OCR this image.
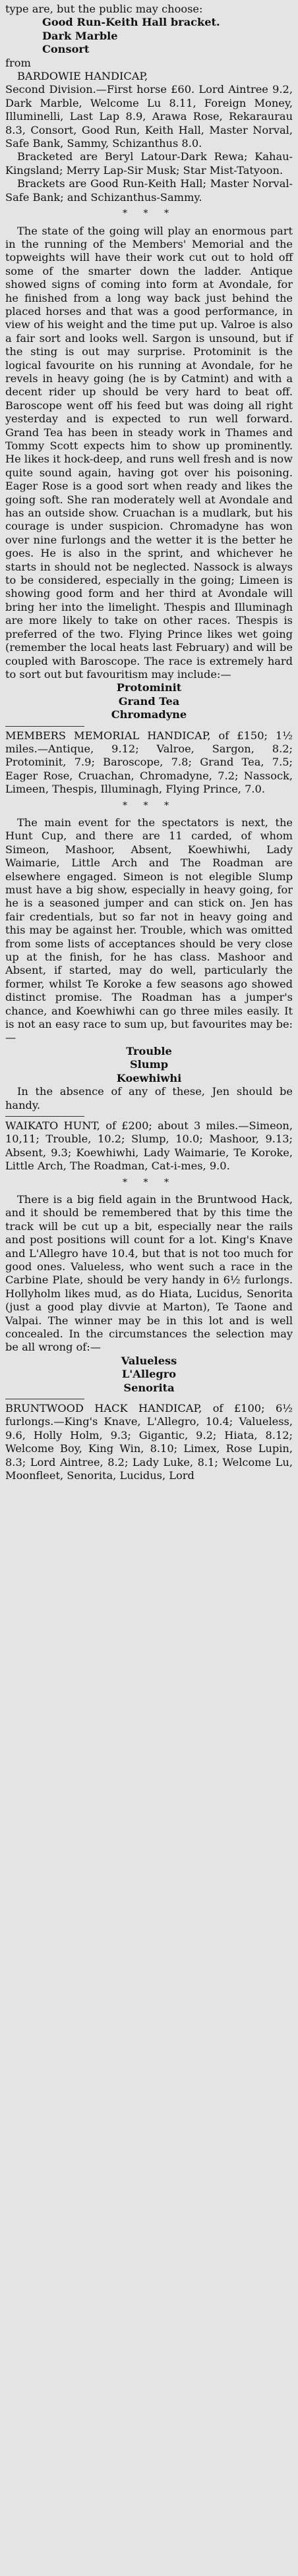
type are, but the public may choose:

Good Run-Keith Hall bracket.

Dark Marble

Consort

from

BARDOWIE HANDICAP,

Second Division.—First horse £60. Lord Aintree 9.2, Dark Marble, Welcome Lu 8.11, Foreign Money, Illuminelli, Last Lap 8.9, Arawa Rose, Rekaraurau 8.3, Consort, Good Run, Keith Hall, Master Norval, Safe Bank, Sammy, Schizanthus 8.0.

Bracketed are Beryl Latour-Dark Rewa; Kahau-Kingsland; Merry Lap-Sir Musk; Star Mist-Tatyoon.

Brackets are Good Run-Keith Hall; Master Norval-Safe Bank; and Schizanthus-Sammy.

* * *

The state of the going will play an enormous part in the running of the Members' Memorial and the topweights will have their work cut out to hold off some of the smarter down the ladder. Antique showed signs of coming into form at Avondale, for he finished from a long way back just behind the placed horses and that was a good performance, in view of his weight and the time put up. Valroe is also a fair sort and looks well. Sargon is unsound, but if the sting is out may surprise. Protominit is the logical favourite on his running at Avondale, for he revels in heavy going (he is by Catmint) and with a decent rider up should be very hard to beat off. Baroscope went off his feed but was doing all right yesterday and is expected to run well forward. Grand Tea has been in steady work in Thames and Tommy Scott expects him to show up prominently. He likes it hock-deep, and runs well fresh and is now quite sound again, having got over his poisoning. Eager Rose is a good sort when ready and likes the going soft. She ran moderately well at Avondale and has an outside show. Cruachan is a mudlark, but his courage is under suspicion. Chromadyne has won over nine furlongs and the wetter it is the better he goes. He is also in the sprint, and whichever he starts in should not be neglected. Nassock is always to be considered, especially in the going; Limeen is showing good form and her third at Avondale will bring her into the limelight. Thespis and Illuminagh are more likely to take on other races. Thespis is preferred of the two. Flying Prince likes wet going (remember the local heats last February) and will be coupled with Baroscope. The race is extremely hard to sort out but favouritism may include:—

Protominit

Grand Tea

Chromadyne

MEMBERS MEMORIAL HANDICAP, of £150; 1½ miles.—Antique, 9.12; Valroe, Sargon, 8.2; Protominit, 7.9; Baroscope, 7.8; Grand Tea, 7.5; Eager Rose, Cruachan, Chromadyne, 7.2; Nassock, Limeen, Thespis, Illuminagh, Flying Prince, 7.0.

* * *

The main event for the spectators is next, the Hunt Cup, and there are 11 carded, of whom Simeon, Mashoor, Absent, Koewhiwhi, Lady Waimarie, Little Arch and The Roadman are elsewhere engaged. Simeon is not elegible Slump must have a big show, especially in heavy going, for he is a seasoned jumper and can stick on. Jen has fair credentials, but so far not in heavy going and this may be against her. Trouble, which was omitted from some lists of acceptances should be very close up at the finish, for he has class. Mashoor and Absent, if started, may do well, particularly the former, whilst Te Koroke a few seasons ago showed distinct promise. The Roadman has a jumper's chance, and Koewhiwhi can go three miles easily. It is not an easy race to sum up, but favourites may be:—

Trouble

Slump

Koewhiwhi

In the absence of any of these, Jen should be handy.

WAIKATO HUNT, of £200; about 3 miles.—Simeon, 10,11; Trouble, 10.2; Slump, 10.0; Mashoor, 9.13; Absent, 9.3; Koewhiwhi, Lady Waimarie, Te Koroke, Little Arch, The Roadman, Cat-i-mes, 9.0.

* * *

There is a big field again in the Bruntwood Hack, and it should be remembered that by this time the track will be cut up a bit, especially near the rails and post positions will count for a lot. King's Knave and L'Allegro have 10.4, but that is not too much for good ones. Valueless, who went such a race in the Carbine Plate, should be very handy in 6½ furlongs. Hollyholm likes mud, as do Hiata, Lucidus, Senorita (just a good play divvie at Marton), Te Taone and Valpai. The winner may be in this lot and is well concealed. In the circumstances the selection may be all wrong of:—

Valueless

L'Allegro

Senorita

BRUNTWOOD HACK HANDICAP, of £100; 6½ furlongs.—King's Knave, L'Allegro, 10.4; Valueless, 9.6, Holly Holm, 9.3; Gigantic, 9.2; Hiata, 8.12; Welcome Boy, King Win, 8.10; Limex, Rose Lupin, 8.3; Lord Aintree, 8.2; Lady Luke, 8.1; Welcome Lu, Moonfleet, Senorita, Lucidus, Lord
